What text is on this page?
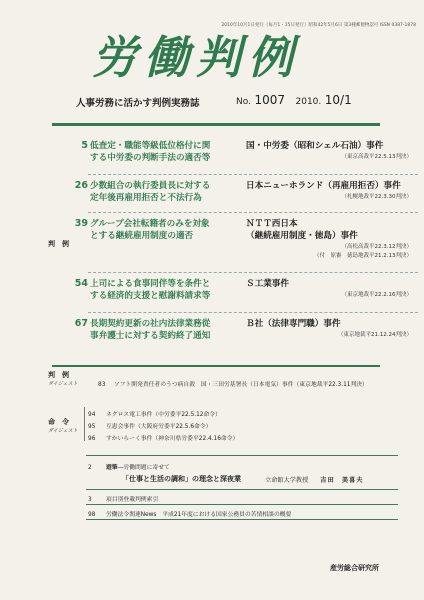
2010年10月1日発行（毎月1・15日発行）昭和42年5月6日 第3種郵便物認可 ISSN 0387-1878
労働判例
人事労務に活かす判例実務誌	No. 1007 2010. 10/1
判　例
5 低査定・職能等級低位格付に関
する中労委の判断手法の適否等
国・中労委（昭和シェル石油）事件
（東京高裁平22.5.13判決）
26 少数組合の執行委員長に対する
定年後再雇用拒否と不法行為
日本ニューホランド（再雇用拒否）事件
（札幌地裁平22.3.30判決）
39 グループ会社転籍者のみを対象
とする継続雇用制度の適否
ＮＴＴ西日本
（継続雇用制度・徳島）事件
（高松高裁平22.3.12判決）
（付　原審　徳島地裁平21.2.13判決）
54 上司による食事同伴等を条件と
する経済的支援と慰謝料請求等
Ｓ工業事件
（東京地裁平22.2.16判決）
67 長期契約更新の社内法律業務從
事弁護士に対する契約終了通知
Ｂ社（法律専門職）事件
（東京地裁平21.12.24判決）
判　例
ダイジェスト	83 ソフト開発責任者のうつ病自殺　国・三田労基署長（日本電気）事件（東京地裁平22.3.11判決）
命　令
ダイジェスト
94 ネグロス電工事件（中労委平22.5.12命令）
95 互恵会事件（大阪府労委平22.5.6命令）
96 すかいらーく事件（神奈川県労委平22.4.16命令）
2 遊筆―労働問題に寄せて
「仕事と生活の調和」の理念と深夜業	立命館大学教授 吉田　美喜夫
3 項目別登載判例索引
98 労働法令関連News　平成21年度における国家公務員の苦情相談の概要
産労総合研究所
